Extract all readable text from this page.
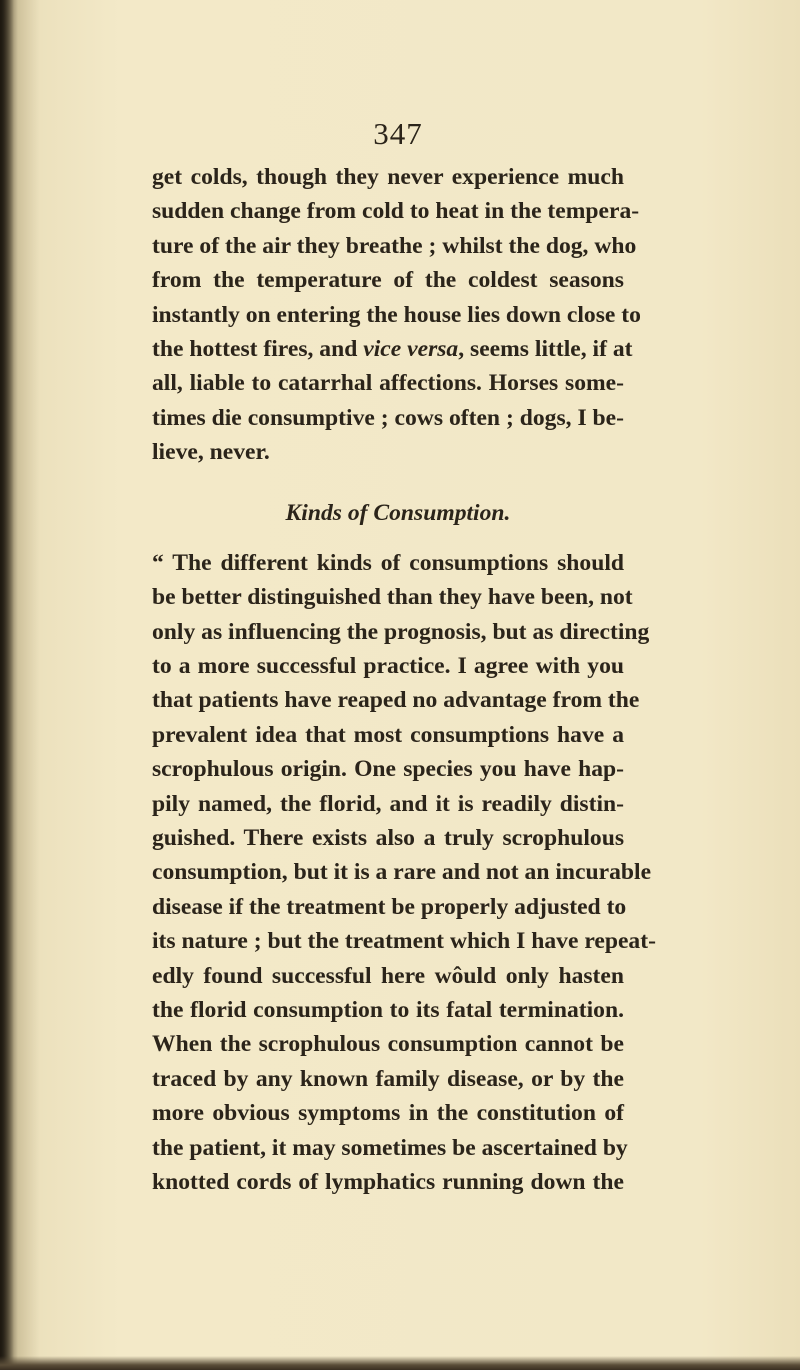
347
get colds, though they never experience much
sudden change from cold to heat in the tempera-
ture of the air they breathe ; whilst the dog, who
from the temperature of the coldest seasons
instantly on entering the house lies down close to
the hottest fires, and vice versa, seems little, if at
all, liable to catarrhal affections. Horses some-
times die consumptive ; cows often ; dogs, I be-
lieve, never.
Kinds of Consumption.
“ The different kinds of consumptions should
be better distinguished than they have been, not
only as influencing the prognosis, but as directing
to a more successful practice. I agree with you
that patients have reaped no advantage from the
prevalent idea that most consumptions have a
scrophulous origin. One species you have hap-
pily named, the florid, and it is readily distin-
guished. There exists also a truly scrophulous
consumption, but it is a rare and not an incurable
disease if the treatment be properly adjusted to
its nature ; but the treatment which I have repeat-
edly found successful here wôuld only hasten
the florid consumption to its fatal termination.
When the scrophulous consumption cannot be
traced by any known family disease, or by the
more obvious symptoms in the constitution of
the patient, it may sometimes be ascertained by
knotted cords of lymphatics running down the
